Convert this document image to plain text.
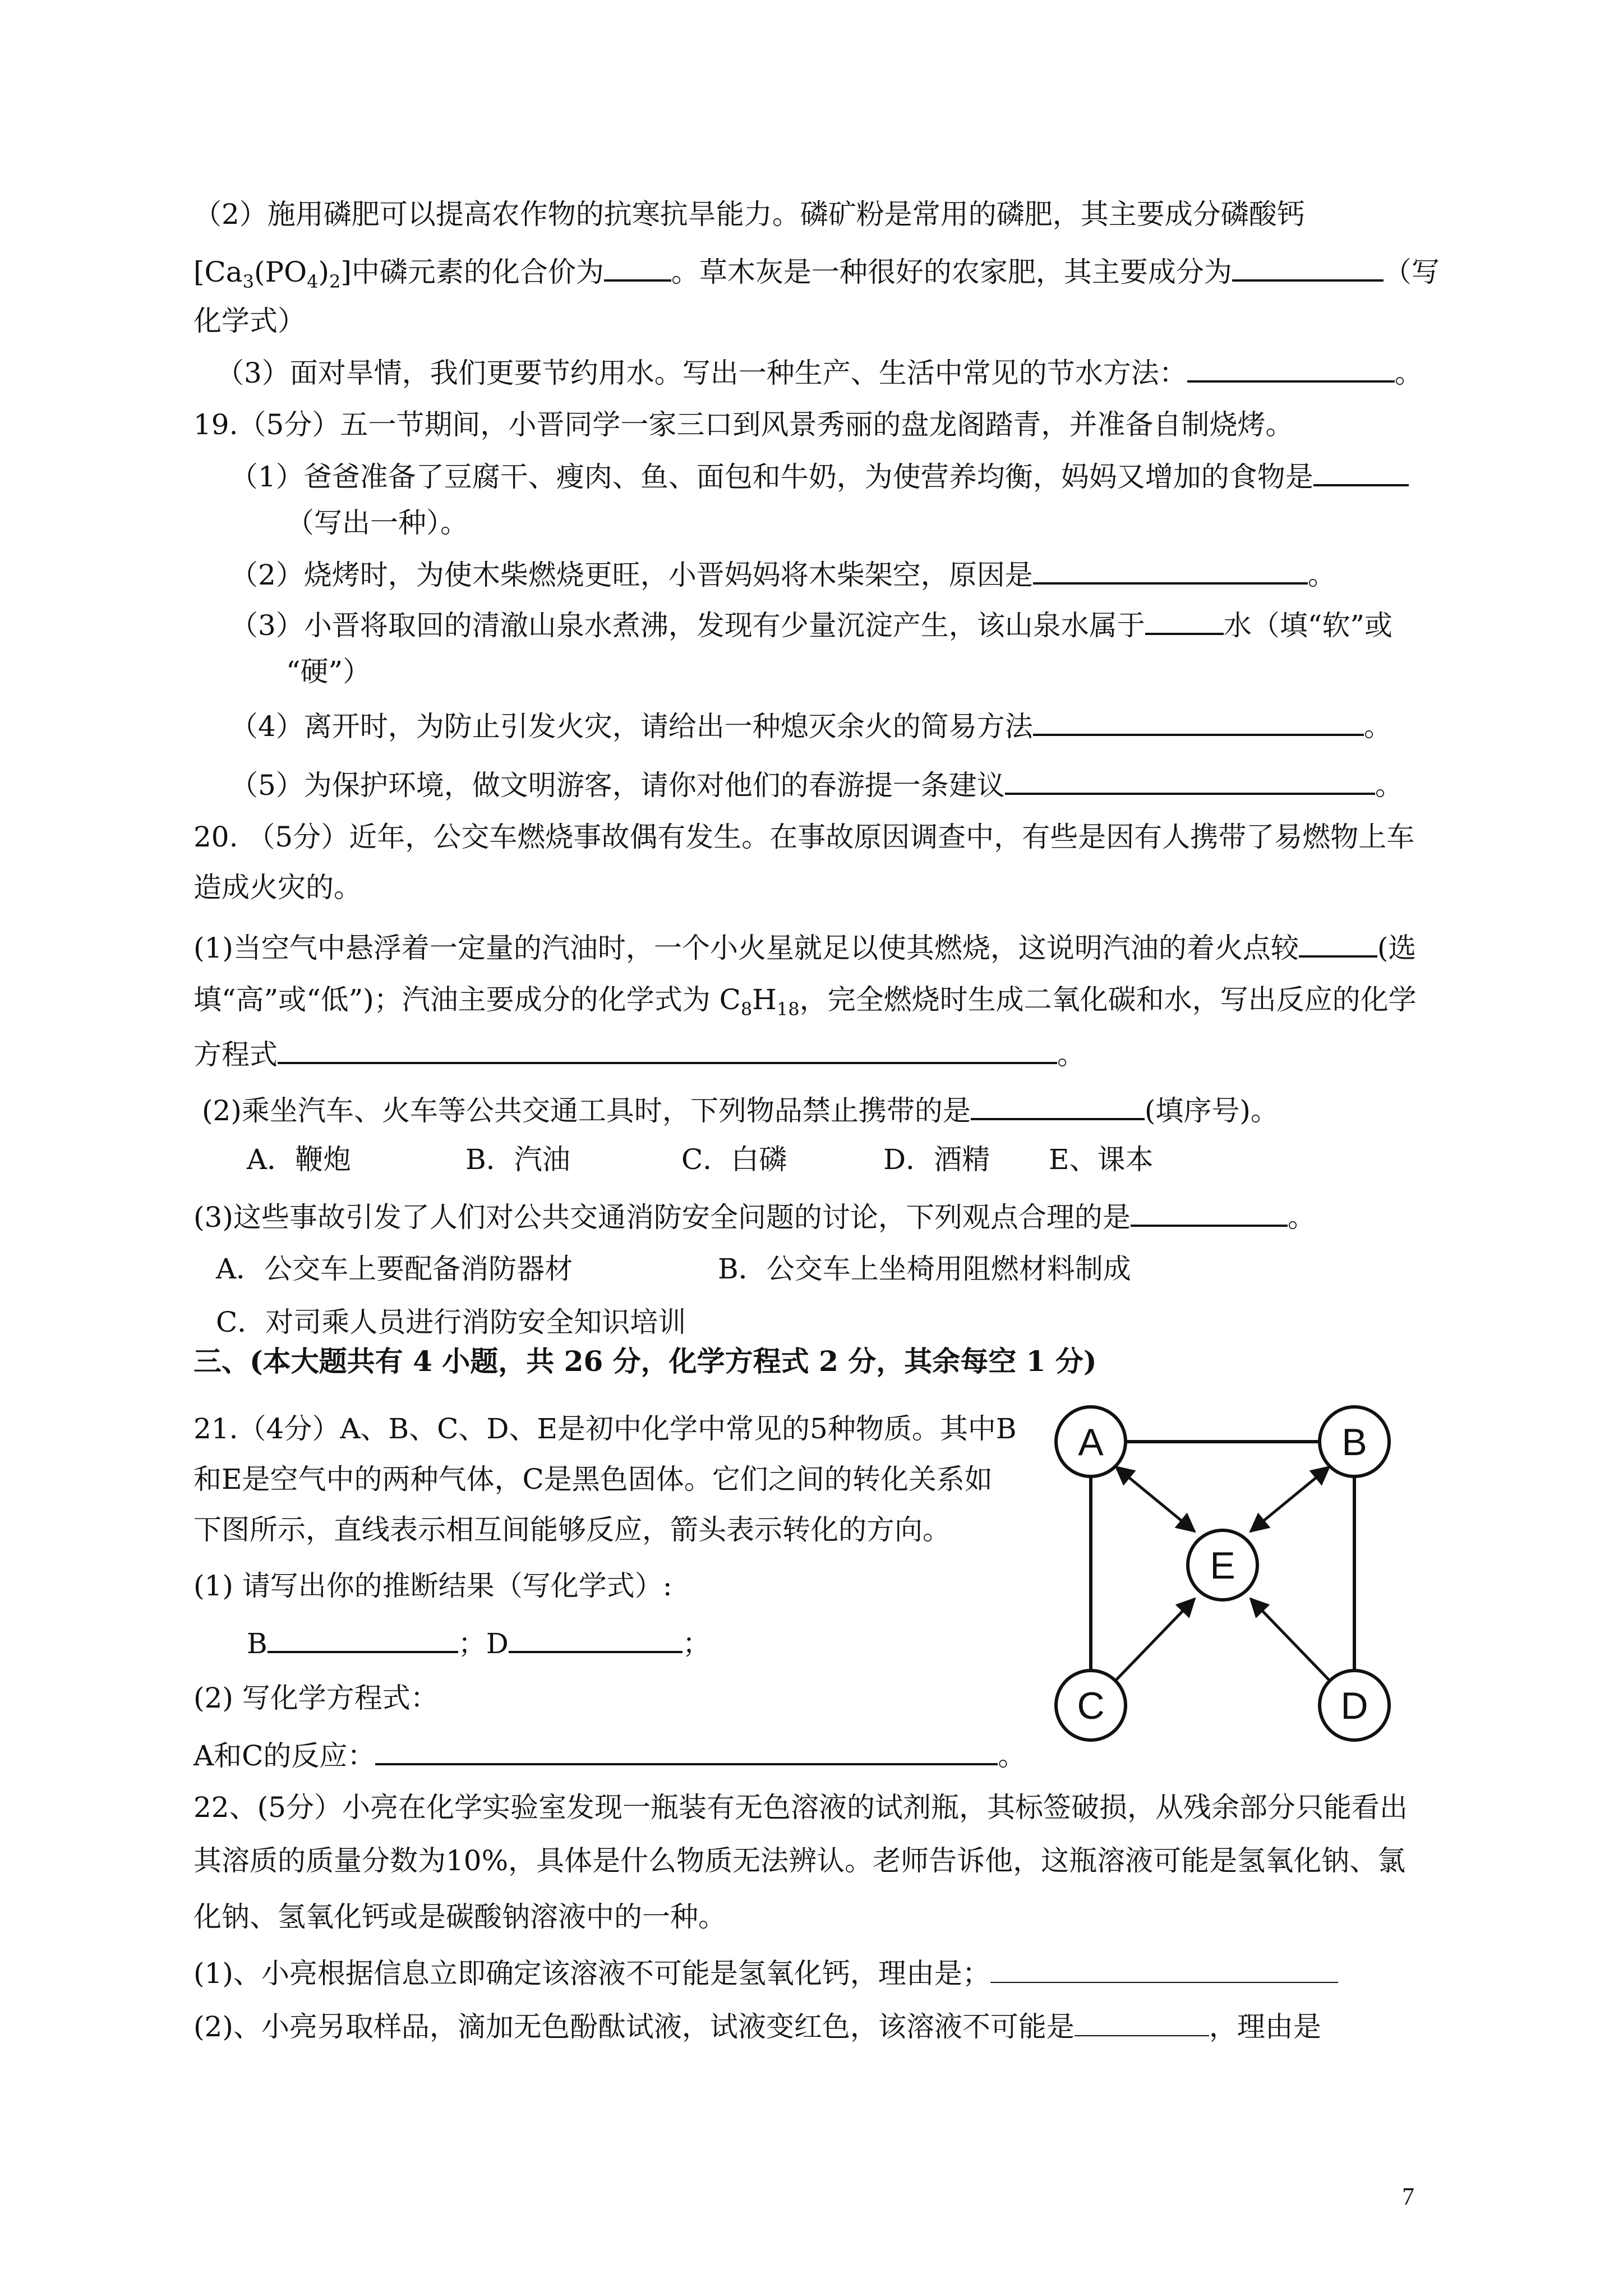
（2）施用磷肥可以提高农作物的抗寒抗旱能力。磷矿粉是常用的磷肥，其主要成分磷酸钙
$[Ca_3(PO_4)_2]$中磷元素的化合价为 。草木灰是一种很好的农家肥，其主要成分为	（写
化学式）
（3）面对旱情，我们更要节约用水。写出一种生产、生活中常见的节水方法：	。
19.（5分）五一节期间，小晋同学一家三口到风景秀丽的盘龙阁踏青，并准备自制烧烤。
（1）爸爸准备了豆腐干、瘦肉、鱼、面包和牛奶，为使营养均衡，妈妈又增加的食物是
（写出一种）。
（2）烧烤时，为使木柴燃烧更旺，小晋妈妈将木柴架空，原因是	。
（3）小晋将取回的清澈山泉水煮沸，发现有少量沉淀产生，该山泉水属于	水（填“软”或
“硬”）
（4）离开时，为防止引发火灾，请给出一种熄灭余火的简易方法	。
（5）为保护环境，做文明游客，请你对他们的春游提一条建议	。
20. （5分）近年，公交车燃烧事故偶有发生。在事故原因调查中，有些是因有人携带了易燃物上车
造成火灾的。
(1)当空气中悬浮着一定量的汽油时，一个小火星就足以使其燃烧，这说明汽油的着火点较	(选
填“高”或“低”)；汽油主要成分的化学式为 $C_8H_{18}$，完全燃烧时生成二氧化碳和水，写出反应的化学
方程式	。
(2)乘坐汽车、火车等公共交通工具时，下列物品禁止携带的是	(填序号)。
A．鞭炮	B．汽油	C．白磷	D．酒精 E、课本
(3)这些事故引发了人们对公共交通消防安全问题的讨论，下列观点合理的是	。
A．公交车上要配备消防器材	B．公交车上坐椅用阻燃材料制成
C．对司乘人员进行消防安全知识培训
三、(本大题共有 4 小题，共 26 分，化学方程式 2 分，其余每空 1 分)
21.（4分）A、B、C、D、E是初中化学中常见的5种物质。其中B
和E是空气中的两种气体，C是黑色固体。它们之间的转化关系如
下图所示，直线表示相互间能够反应，箭头表示转化的方向。
(1) 请写出你的推断结果（写化学式）:
B	；D	；
(2) 写化学方程式：
A和C的反应：	。
A	B
E
C	D
22、(5分）小亮在化学实验室发现一瓶装有无色溶液的试剂瓶，其标签破损，从残余部分只能看出
其溶质的质量分数为10%，具体是什么物质无法辨认。老师告诉他，这瓶溶液可能是氢氧化钠、氯
化钠、氢氧化钙或是碳酸钠溶液中的一种。
(1)、小亮根据信息立即确定该溶液不可能是氢氧化钙，理由是；
(2)、小亮另取样品，滴加无色酚酞试液，试液变红色，该溶液不可能是	，理由是
7
